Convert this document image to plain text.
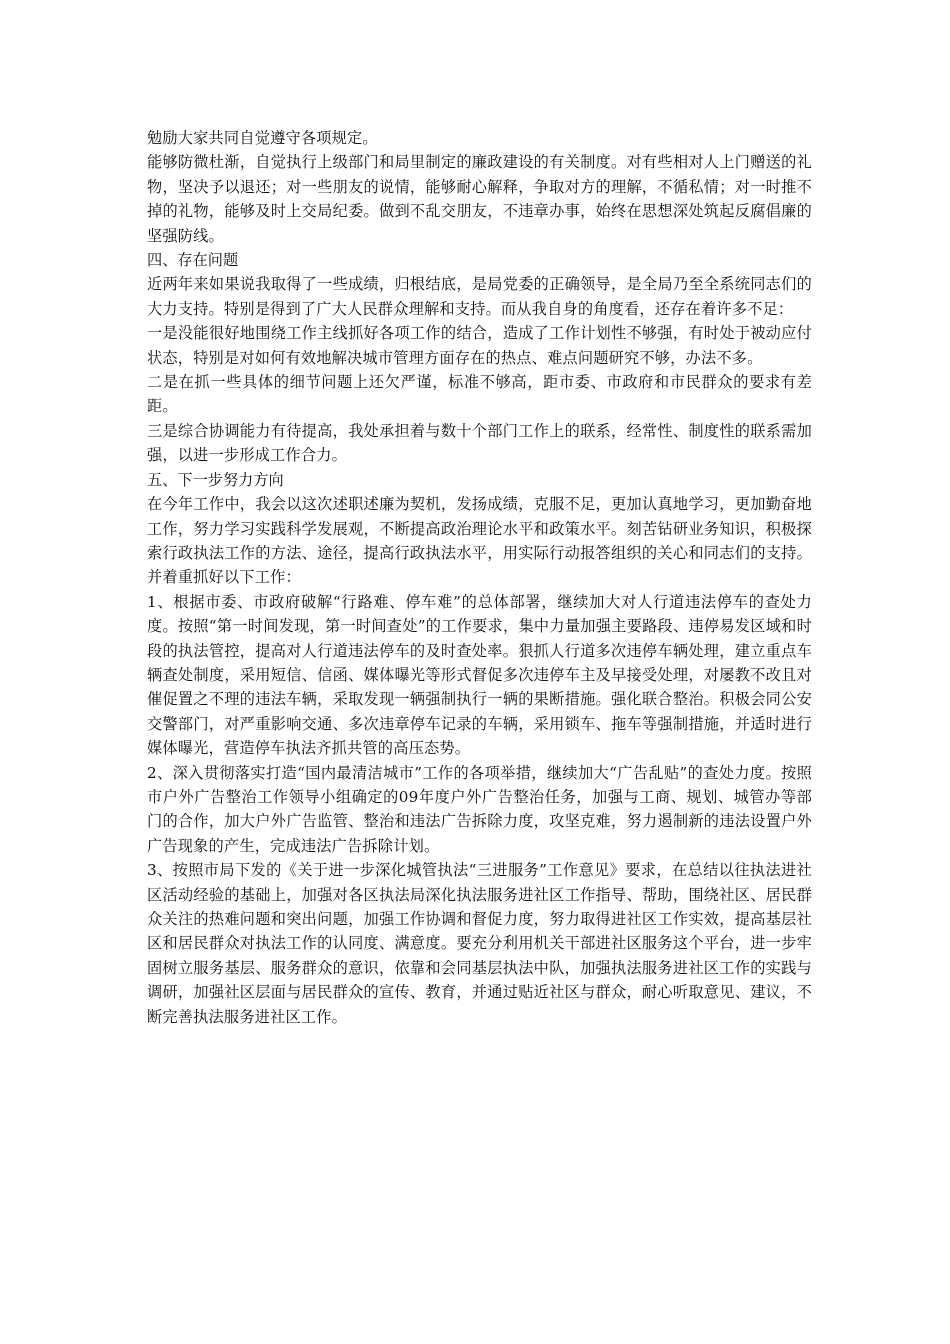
勉励大家共同自觉遵守各项规定。

能够防微杜渐，自觉执行上级部门和局里制定的廉政建设的有关制度。对有些相对人上门赠送的礼物，坚决予以退还；对一些朋友的说情，能够耐心解释，争取对方的理解，不循私情；对一时推不掉的礼物，能够及时上交局纪委。做到不乱交朋友，不违章办事，始终在思想深处筑起反腐倡廉的坚强防线。

四、存在问题

近两年来如果说我取得了一些成绩，归根结底，是局党委的正确领导，是全局乃至全系统同志们的大力支持。特别是得到了广大人民群众理解和支持。而从我自身的角度看，还存在着许多不足：

一是没能很好地围绕工作主线抓好各项工作的结合，造成了工作计划性不够强，有时处于被动应付状态，特别是对如何有效地解决城市管理方面存在的热点、难点问题研究不够，办法不多。

二是在抓一些具体的细节问题上还欠严谨，标准不够高，距市委、市政府和市民群众的要求有差距。

三是综合协调能力有待提高，我处承担着与数十个部门工作上的联系，经常性、制度性的联系需加强，以进一步形成工作合力。

五、下一步努力方向

在今年工作中，我会以这次述职述廉为契机，发扬成绩，克服不足，更加认真地学习，更加勤奋地工作，努力学习实践科学发展观，不断提高政治理论水平和政策水平。刻苦钻研业务知识，积极探索行政执法工作的方法、途径，提高行政执法水平，用实际行动报答组织的关心和同志们的支持。并着重抓好以下工作：

1、根据市委、市政府破解“行路难、停车难”的总体部署，继续加大对人行道违法停车的查处力度。按照“第一时间发现，第一时间查处”的工作要求，集中力量加强主要路段、违停易发区域和时段的执法管控，提高对人行道违法停车的及时查处率。狠抓人行道多次违停车辆处理，建立重点车辆查处制度，采用短信、信函、媒体曝光等形式督促多次违停车主及早接受处理，对屡教不改且对催促置之不理的违法车辆，采取发现一辆强制执行一辆的果断措施。强化联合整治。积极会同公安交警部门，对严重影响交通、多次违章停车记录的车辆，采用锁车、拖车等强制措施，并适时进行媒体曝光，营造停车执法齐抓共管的高压态势。

2、深入贯彻落实打造“国内最清洁城市”工作的各项举措，继续加大“广告乱贴”的查处力度。按照市户外广告整治工作领导小组确定的09年度户外广告整治任务，加强与工商、规划、城管办等部门的合作，加大户外广告监管、整治和违法广告拆除力度，攻坚克难，努力遏制新的违法设置户外广告现象的产生，完成违法广告拆除计划。

3、按照市局下发的《关于进一步深化城管执法“三进服务”工作意见》要求，在总结以往执法进社区活动经验的基础上，加强对各区执法局深化执法服务进社区工作指导、帮助，围绕社区、居民群众关注的热难问题和突出问题，加强工作协调和督促力度，努力取得进社区工作实效，提高基层社区和居民群众对执法工作的认同度、满意度。要充分利用机关干部进社区服务这个平台，进一步牢固树立服务基层、服务群众的意识，依靠和会同基层执法中队，加强执法服务进社区工作的实践与调研，加强社区层面与居民群众的宣传、教育，并通过贴近社区与群众，耐心听取意见、建议，不断完善执法服务进社区工作。
